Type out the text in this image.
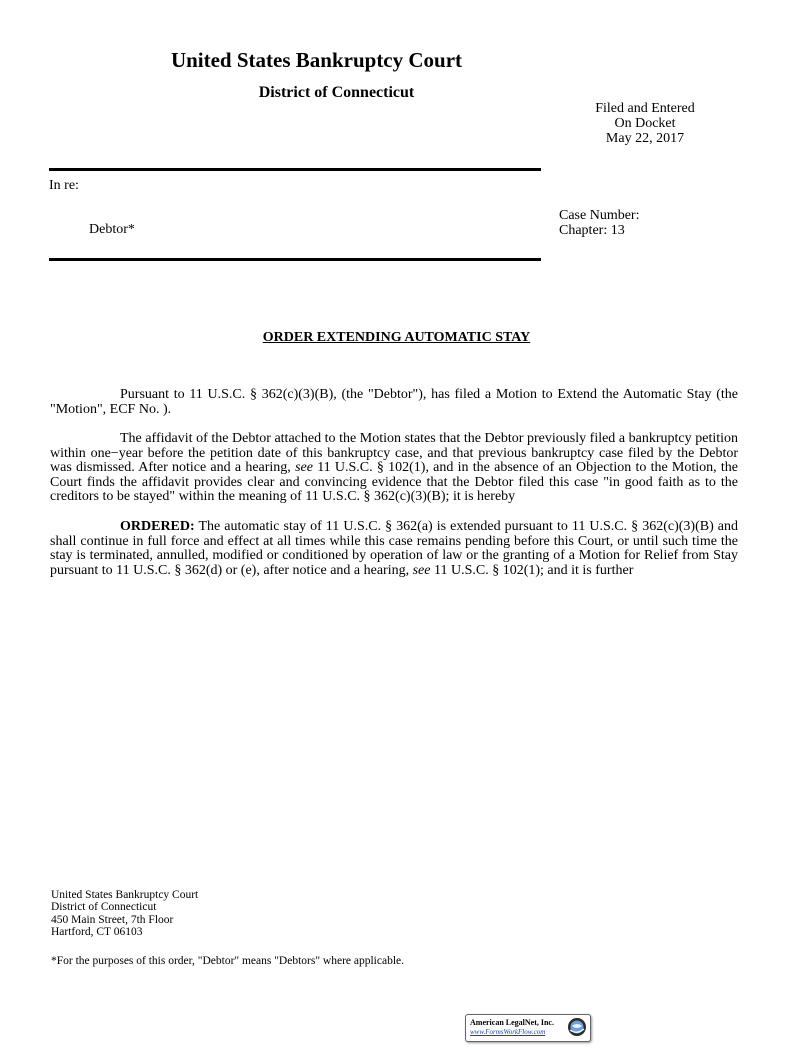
United States Bankruptcy Court
District of Connecticut
Filed and Entered
On Docket
May 22, 2017
In re:
Debtor*
Case Number:
Chapter: 13
ORDER EXTENDING AUTOMATIC STAY
Pursuant to 11 U.S.C. § 362(c)(3)(B), (the "Debtor"), has filed a Motion to Extend the Automatic Stay (the "Motion", ECF No. ).
The affidavit of the Debtor attached to the Motion states that the Debtor previously filed a bankruptcy petition within one−year before the petition date of this bankruptcy case, and that previous bankruptcy case filed by the Debtor was dismissed. After notice and a hearing, see 11 U.S.C. § 102(1), and in the absence of an Objection to the Motion, the Court finds the affidavit provides clear and convincing evidence that the Debtor filed this case "in good faith as to the creditors to be stayed" within the meaning of 11 U.S.C. § 362(c)(3)(B); it is hereby
ORDERED: The automatic stay of 11 U.S.C. § 362(a) is extended pursuant to 11 U.S.C. § 362(c)(3)(B) and shall continue in full force and effect at all times while this case remains pending before this Court, or until such time the stay is terminated, annulled, modified or conditioned by operation of law or the granting of a Motion for Relief from Stay pursuant to 11 U.S.C. § 362(d) or (e), after notice and a hearing, see 11 U.S.C. § 102(1); and it is further
United States Bankruptcy Court
District of Connecticut
450 Main Street, 7th Floor
Hartford, CT 06103
*For the purposes of this order, "Debtor" means "Debtors" where applicable.
American LegalNet, Inc.
www.FormsWorkFlow.com
